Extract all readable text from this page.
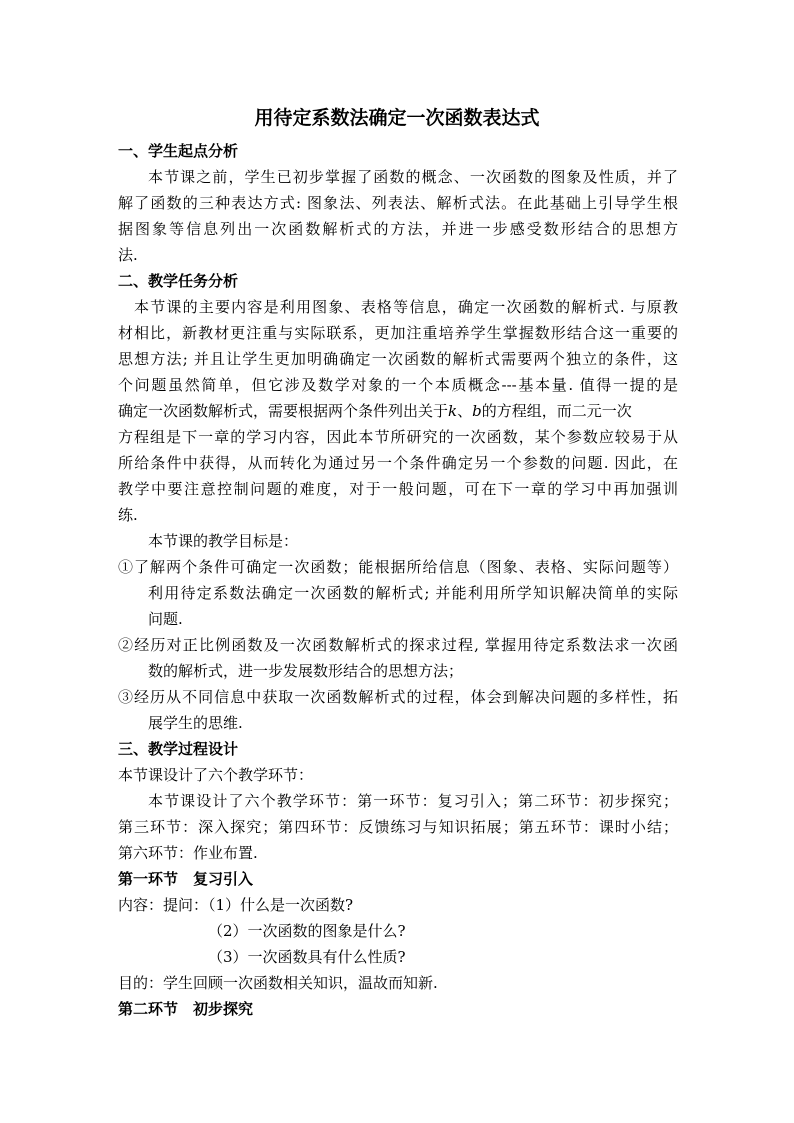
用待定系数法确定一次函数表达式
一、学生起点分析
本节课之前，学生已初步掌握了函数的概念、一次函数的图象及性质，并了
解了函数的三种表达方式: 图象法、列表法、解析式法。在此基础上引导学生根
据图象等信息列出一次函数解析式的方法，并进一步感受数形结合的思想方
法.
二、教学任务分析
本节课的主要内容是利用图象、表格等信息，确定一次函数的解析式. 与原教
材相比，新教材更注重与实际联系，更加注重培养学生掌握数形结合这一重要的
思想方法; 并且让学生更加明确确定一次函数的解析式需要两个独立的条件，这
个问题虽然简单，但它涉及数学对象的一个本质概念---基本量. 值得一提的是
确定一次函数解析式，需要根据两个条件列出关于k、b的方程组，而二元一次
方程组是下一章的学习内容，因此本节所研究的一次函数，某个参数应较易于从
所给条件中获得，从而转化为通过另一个条件确定另一个参数的问题. 因此，在
教学中要注意控制问题的难度，对于一般问题，可在下一章的学习中再加强训
练.
本节课的教学目标是：
①了解两个条件可确定一次函数；能根据所给信息（图象、表格、实际问题等）
利用待定系数法确定一次函数的解析式; 并能利用所学知识解决简单的实际
问题.
②经历对正比例函数及一次函数解析式的探求过程, 掌握用待定系数法求一次函
数的解析式，进一步发展数形结合的思想方法；
③经历从不同信息中获取一次函数解析式的过程，体会到解决问题的多样性，拓
展学生的思维.
三、教学过程设计
本节课设计了六个教学环节：
本节课设计了六个教学环节：第一环节：复习引入；第二环节：初步探究；
第三环节：深入探究；第四环节：反馈练习与知识拓展；第五环节：课时小结；
第六环节：作业布置.
第一环节　复习引入
内容：提问：（1）什么是一次函数?
（2）一次函数的图象是什么?
（3）一次函数具有什么性质?
目的：学生回顾一次函数相关知识，温故而知新.
第二环节　初步探究
